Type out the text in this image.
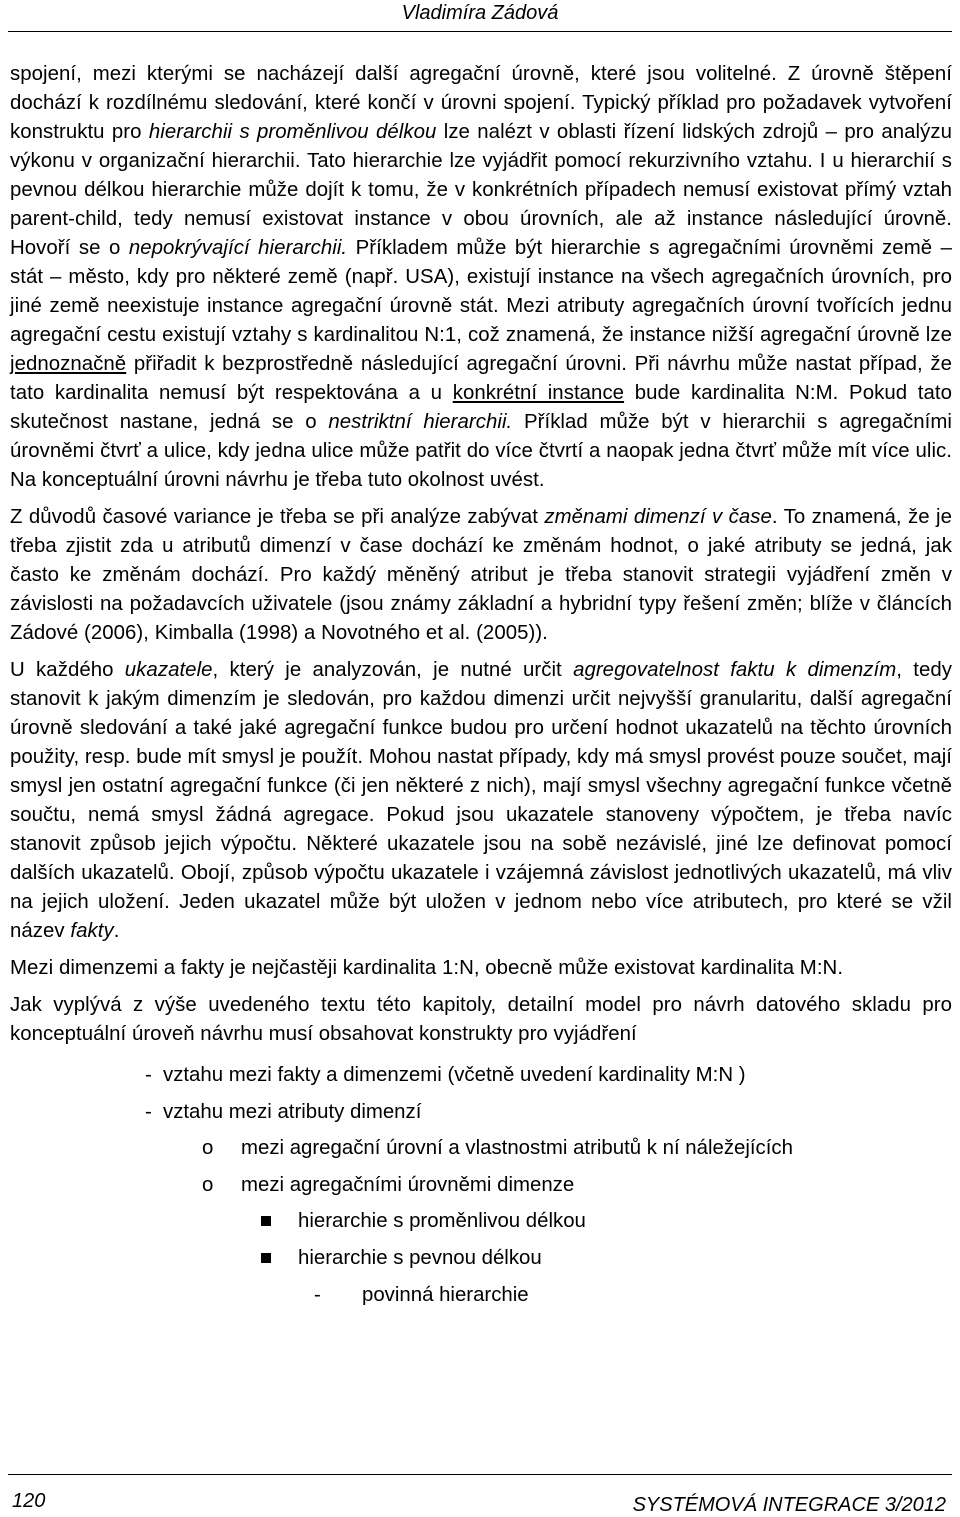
Vladimíra Zádová

spojení, mezi kterými se nacházejí další agregační úrovně, které jsou volitelné. Z úrovně štěpení dochází k rozdílnému sledování, které končí v úrovni spojení. Typický příklad pro požadavek vytvoření konstruktu pro hierarchii s proměnlivou délkou lze nalézt v oblasti řízení lidských zdrojů – pro analýzu výkonu v organizační hierarchii. Tato hierarchie lze vyjádřit pomocí rekurzivního vztahu. I u hierarchií s pevnou délkou hierarchie může dojít k tomu, že v konkrétních případech nemusí existovat přímý vztah parent-child, tedy nemusí existovat instance v obou úrovních, ale až instance následující úrovně. Hovoří se o nepokrývající hierarchii. Příkladem může být hierarchie s agregačními úrovněmi země – stát – město, kdy pro některé země (např. USA), existují instance na všech agregačních úrovních, pro jiné země neexistuje instance agregační úrovně stát. Mezi atributy agregačních úrovní tvořících jednu agregační cestu existují vztahy s kardinalitou N:1, což znamená, že instance nižší agregační úrovně lze jednoznačně přiřadit k bezprostředně následující agregační úrovni. Při návrhu může nastat případ, že tato kardinalita nemusí být respektována a u konkrétní instance bude kardinalita N:M. Pokud tato skutečnost nastane, jedná se o nestriktní hierarchii. Příklad může být v hierarchii s agregačními úrovněmi čtvrť a ulice, kdy jedna ulice může patřit do více čtvrtí a naopak jedna čtvrť může mít více ulic. Na konceptuální úrovni návrhu je třeba tuto okolnost uvést.

Z důvodů časové variance je třeba se při analýze zabývat změnami dimenzí v čase. To znamená, že je třeba zjistit zda u atributů dimenzí v čase dochází ke změnám hodnot, o jaké atributy se jedná, jak často ke změnám dochází. Pro každý měněný atribut je třeba stanovit strategii vyjádření změn v závislosti na požadavcích uživatele (jsou známy základní a hybridní typy řešení změn; blíže v článcích Zádové (2006), Kimballa (1998) a Novotného et al. (2005)).

U každého ukazatele, který je analyzován, je nutné určit agregovatelnost faktu k dimenzím, tedy stanovit k jakým dimenzím je sledován, pro každou dimenzi určit nejvyšší granularitu, další agregační úrovně sledování a také jaké agregační funkce budou pro určení hodnot ukazatelů na těchto úrovních použity, resp. bude mít smysl je použít. Mohou nastat případy, kdy má smysl provést pouze součet, mají smysl jen ostatní agregační funkce (či jen některé z nich), mají smysl všechny agregační funkce včetně součtu, nemá smysl žádná agregace. Pokud jsou ukazatele stanoveny výpočtem, je třeba navíc stanovit způsob jejich výpočtu. Některé ukazatele jsou na sobě nezávislé, jiné lze definovat pomocí dalších ukazatelů. Obojí, způsob výpočtu ukazatele i vzájemná závislost jednotlivých ukazatelů, má vliv na jejich uložení. Jeden ukazatel může být uložen v jednom nebo více atributech, pro které se vžil název fakty.

Mezi dimenzemi a fakty je nejčastěji kardinalita 1:N, obecně může existovat kardinalita M:N.

Jak vyplývá z výše uvedeného textu této kapitoly, detailní model pro návrh datového skladu pro konceptuální úroveň návrhu musí obsahovat konstrukty pro vyjádření

- vztahu mezi fakty a dimenzemi (včetně uvedení kardinality M:N )
- vztahu mezi atributy dimenzí
o mezi agregační úrovní a vlastnostmi atributů k ní náležejících
o mezi agregačními úrovněmi dimenze
hierarchie s proměnlivou délkou
hierarchie s pevnou délkou
- povinná hierarchie
120	SYSTÉMOVÁ INTEGRACE 3/2012
